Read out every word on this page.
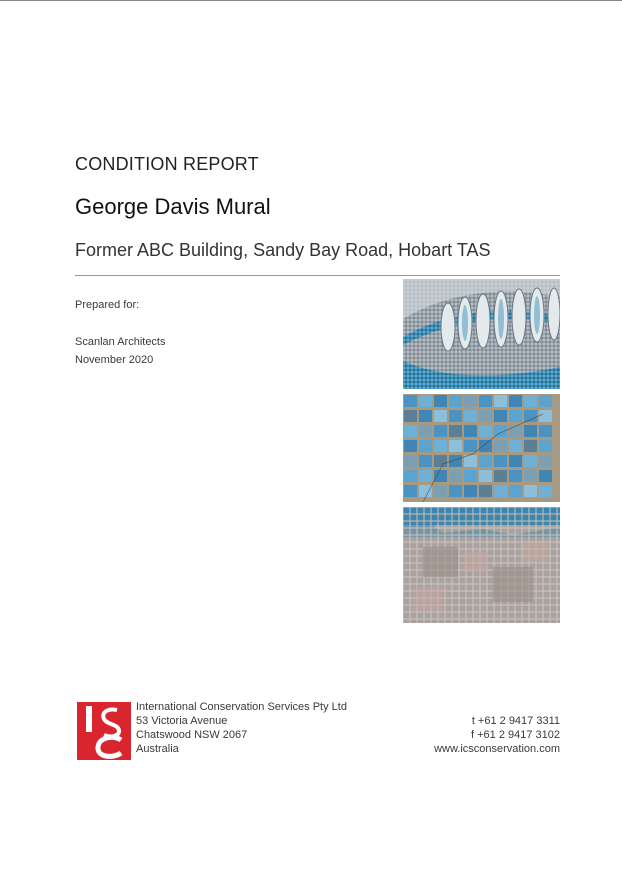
CONDITION REPORT
George Davis Mural
Former ABC Building, Sandy Bay Road, Hobart TAS
Prepared for:
Scanlan Architects
November 2020
International Conservation Services Pty Ltd
53 Victoria Avenue
Chatswood NSW 2067
Australia
t +61 2 9417 3311
f +61 2 9417 3102
www.icsconservation.com
